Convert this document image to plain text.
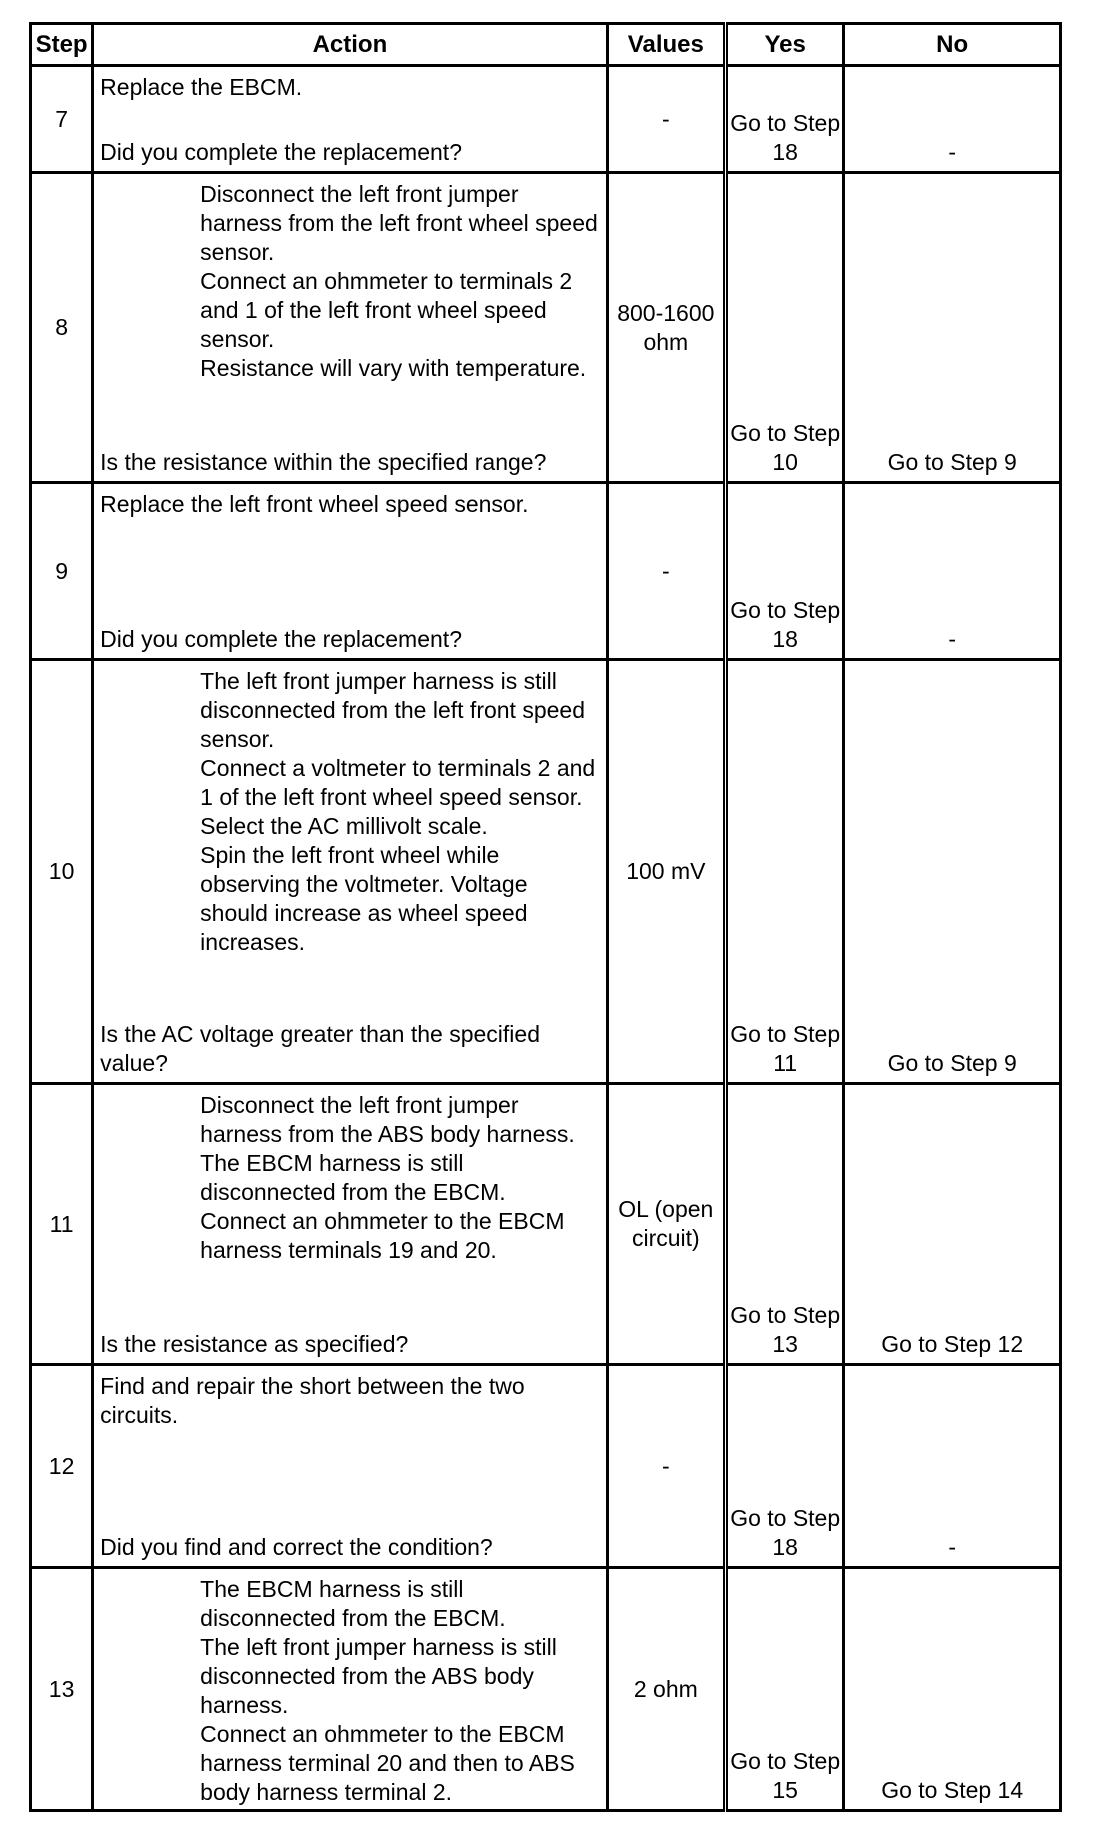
Step	Action	Values	Yes	No
7	Replace the EBCM.
Did you complete the replacement?	-	Go to Step 18	-
8	Disconnect the left front jumper harness from the left front wheel speed sensor.
Connect an ohmmeter to terminals 2 and 1 of the left front wheel speed sensor.
Resistance will vary with temperature.
Is the resistance within the specified range?	800-1600 ohm	Go to Step 10	Go to Step 9
9	Replace the left front wheel speed sensor.
Did you complete the replacement?	-	Go to Step 18	-
10	The left front jumper harness is still disconnected from the left front speed sensor.
Connect a voltmeter to terminals 2 and 1 of the left front wheel speed sensor.
Select the AC millivolt scale.
Spin the left front wheel while observing the voltmeter. Voltage should increase as wheel speed increases.
Is the AC voltage greater than the specified value?	100 mV	Go to Step 11	Go to Step 9
11	Disconnect the left front jumper harness from the ABS body harness.
The EBCM harness is still disconnected from the EBCM.
Connect an ohmmeter to the EBCM harness terminals 19 and 20.
Is the resistance as specified?	OL (open circuit)	Go to Step 13	Go to Step 12
12	Find and repair the short between the two circuits.
Did you find and correct the condition?	-	Go to Step 18	-
13	The EBCM harness is still disconnected from the EBCM.
The left front jumper harness is still disconnected from the ABS body harness.
Connect an ohmmeter to the EBCM harness terminal 20 and then to ABS body harness terminal 2.	2 ohm	Go to Step 15	Go to Step 14
